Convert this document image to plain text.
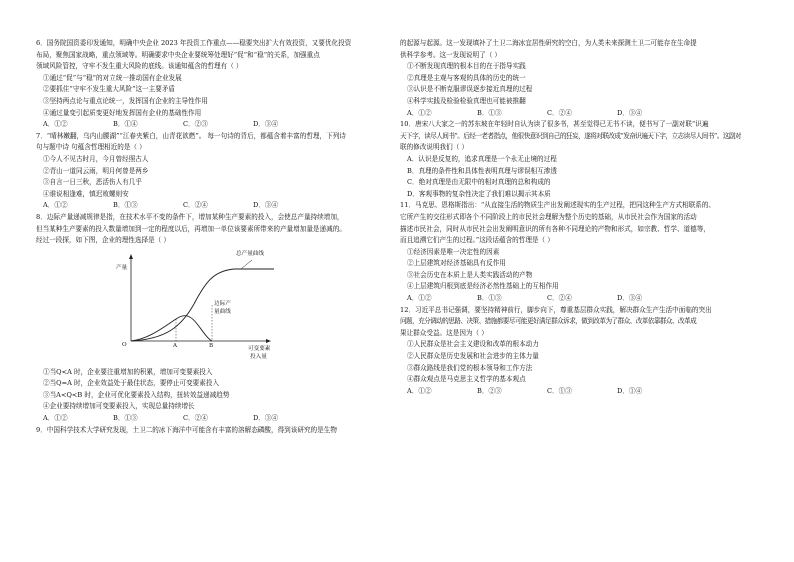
6．国务院国资委印发通知，明确中央企业 2023 年投资工作重点——稳要突出扩大有效投资，又要优化投资

布局，聚焦国家战略，重点领域等。明确要求中央企业要统筹处理好“促”和“稳”的关系，加强重点

领域风险管控，守牢不发生重大风险的底线。该通知蕴含的哲理有（ ）

①通过“促”与“稳”的对立统一推动国有企业发展

②要抓住“守牢不发生重大风险”这一主要矛盾

③坚持两点论与重点论统一，发挥国有企业的主导性作用

④通过量变引起质变更好地发挥国有企业的基础性作用

A．①②	B．①④	C．②③	D．③④

7．“晴林嫩翻，乌内山腰湖”“江春夹紫白，山青花欲燃”。 每一句诗的背后，都蕴含着丰富的哲理，下列诗

句与题中诗 句蕴含哲理相近的是（ ）

①今人不见古时月，今月曾经照古人

②青山一道同云雨，明月何曾是两乡

③自言一日三秋，恶活伤人有几乎

④谁说相逢难，慎迟败螺则安

A．①②	B．①③	C．②④	D．③④

8．边际产量递减规律是指，在技术水平不变的条件下，增加某种生产要素的投入，会使总产量持续增加，

但当某种生产要素的投入数量增加到一定的程度以后，再增加一单位该要素所带来的产量增加量是递减的。

经过一段探，如下图，企业的理性选择是（ ）

产量
总产量曲线
边际产
量曲线
O	A	B	可变要素
投入量

①当Q<A 时，企业要注重增加的积累，增加可变要素投入

②当Q=A 时，企业效益处于最佳状态，要停止可变要素投入

③当A<Q<B 时，企业可优化要素投入结构，扭转效益递减趋势

④企业要持续增加可变要素投入，实现总量持续增长

A．①②	B．①③	C．②④	D．③④

9．中国科学技术大学研究发现，土卫二的冰下海洋中可能含有丰富的溶解态磷酸，得到该研究的是生物

的起源与起源。这一发现填补了土卫二海冰宜居性研究的空白，为人类未来探测土卫二可能存在生命提

供科学参考。这一发现说明了（ ）

①不断发现真理的根本目的在于指导实践

②真理是主观与客观的具体的历史的统一

③认识是不断克服谬误逐步接近真理的过程

④科学实践及检验检验真理也可能被推翻

A．①②	B．①③	C．②④	D．③④

10．唐宋八大家之一的苏东坡在年轻时自认为读了很多书，甚至觉得已无书不读，便书写了一副对联“识遍

天下字，读尽人间书”。后经一老者指点，他很快意识到自己的狂妄，遂将对联改成“发奋识遍天下字，立志读尽人间书”。这副对

联的修改说明我们（ ）

A．认识是反复的，追求真理是一个永无止境的过程

B．真理的条件性和具体性表明真理与谬误相互渗透

C．绝对真理是由无限中的相对真理的总和构成的

D．客观事物的复杂性决定了我们难以揭示其本质

11．马克思、恩格斯指出：“从直接生活的物质生产出发阐述现实的生产过程，把同这种生产方式相联系的、

它所产生的交往形式即各个不同阶段上的市民社会理解为整个历史的基础，从市民社会作为国家的活动

描述市民社会，同时从市民社会出发阐明意识的所有各种不同理论的产物和形式，如宗教、哲学、道德等，

而且追溯它们产生的过程。”这段话蕴含的哲理是（ ）

①经济因素是唯一决定性的因素

②上层建筑对经济基础具有反作用

③社会历史在本质上是人类实践活动的产物

④上层建筑归根到底是经济必然性基础上的互相作用

A．①②	B．①③	C．②④	D．③④

12．习近平总书记强调，要坚持精神前行，脚步向下，尊重基层群众实践，解决群众生产生活中面临的突出

问题，充分调动的思路、决策、措施都要尽可能更好满足群众诉求，做到改革为了群众、改革依靠群众、改革成

果让群众受益。这是因为（ ）

①人民群众是社会主义建设和改革的根本动力

②人民群众是历史发展和社会进步的主体力量

③群众路线是我们党的根本领导和工作方法

④群众观点是马克思主义哲学的基本观点

A．①②	B．②③	C．①③	D．①④
